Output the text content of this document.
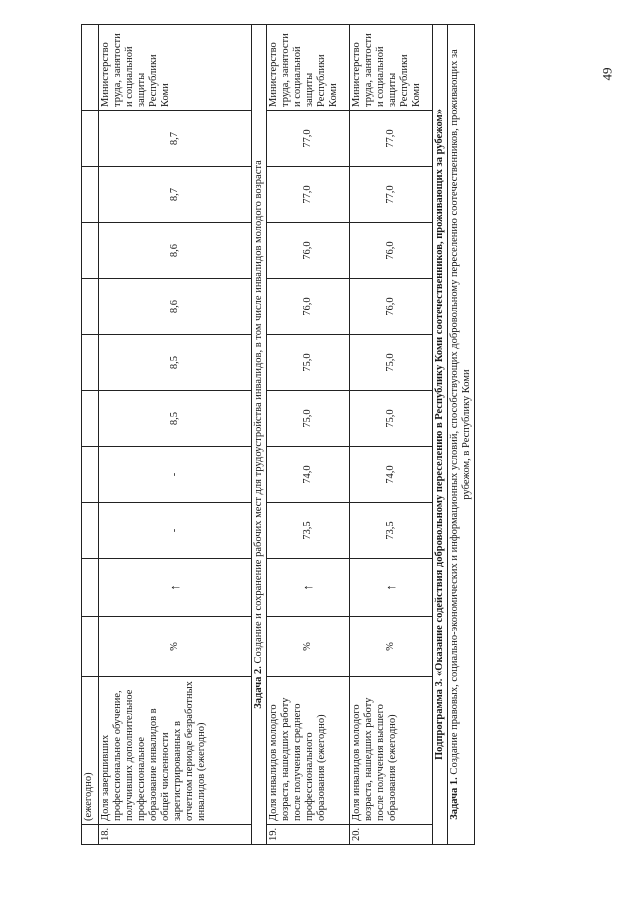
49
	(ежегодно)											
18.	Доля завершивших профессиональное обучение, получивших дополнительное профессиональное образование инвалидов в общей численности зарегистрированных в отчетном периоде безработных инвалидов (ежегодно)	%	↑	-	-	8,5	8,5	8,6	8,6	8,7	8,7	Министерство труда, занятости и социальной защиты Республики Коми
Задача 2. Создание и сохранение рабочих мест для трудоустройства инвалидов, в том числе инвалидов молодого возраста												
19.	Доля инвалидов молодого возраста, нашедших работу после получения среднего профессионального образования (ежегодно)	%	↑	73,5	74,0	75,0	75,0	76,0	76,0	77,0	77,0	Министерство труда, занятости и социальной защиты Республики Коми
20.	Доля инвалидов молодого возраста, нашедших работу после получения высшего образования (ежегодно)	%	↑	73,5	74,0	75,0	75,0	76,0	76,0	77,0	77,0	Министерство труда, занятости и социальной защиты Республики Коми
Подпрограмма 3. «Оказание содействия добровольному переселению в Республику Коми соотечественников, проживающих за рубежом»												
Задача 1. Создание правовых, социально-экономических и информационных условий, способствующих добровольному переселению соотечественников, проживающих за рубежом, в Республику Коми												
